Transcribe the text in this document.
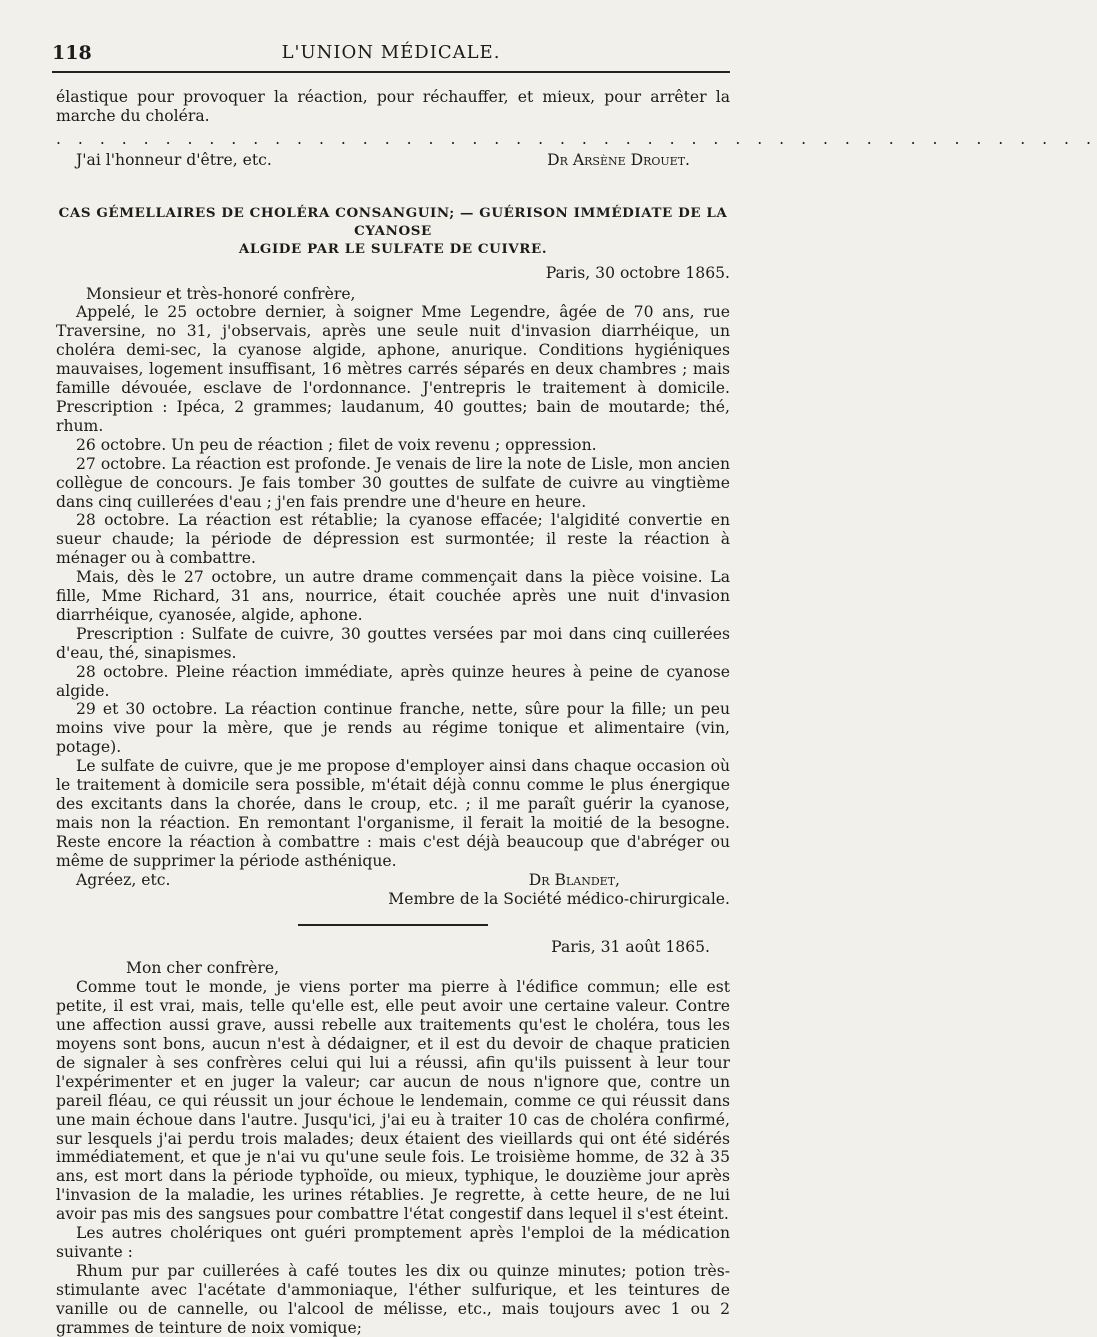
118	L'UNION MÉDICALE.

élastique pour provoquer la réaction, pour réchauffer, et mieux, pour arrêter la marche du choléra.

. . . . . . . . . . . . . . . . . . . . . . . . . . . . . . . . . . . . . . . . . . . . . . . .

J'ai l'honneur d'être, etc.	Dr Arsène Drouet.

CAS GÉMELLAIRES DE CHOLÉRA CONSANGUIN; — GUÉRISON IMMÉDIATE DE LA CYANOSE
ALGIDE PAR LE SULFATE DE CUIVRE.

Paris, 30 octobre 1865.

Monsieur et très-honoré confrère,

Appelé, le 25 octobre dernier, à soigner Mme Legendre, âgée de 70 ans, rue Traversine, no 31, j'observais, après une seule nuit d'invasion diarrhéique, un choléra demi-sec, la cyanose algide, aphone, anurique. Conditions hygiéniques mauvaises, logement insuffisant, 16 mètres carrés séparés en deux chambres ; mais famille dévouée, esclave de l'ordonnance. J'entrepris le traitement à domicile. Prescription : Ipéca, 2 grammes; laudanum, 40 gouttes; bain de moutarde; thé, rhum.

26 octobre. Un peu de réaction ; filet de voix revenu ; oppression.

27 octobre. La réaction est profonde. Je venais de lire la note de Lisle, mon ancien collègue de concours. Je fais tomber 30 gouttes de sulfate de cuivre au vingtième dans cinq cuillerées d'eau ; j'en fais prendre une d'heure en heure.

28 octobre. La réaction est rétablie; la cyanose effacée; l'algidité convertie en sueur chaude; la période de dépression est surmontée; il reste la réaction à ménager ou à combattre.

Mais, dès le 27 octobre, un autre drame commençait dans la pièce voisine. La fille, Mme Richard, 31 ans, nourrice, était couchée après une nuit d'invasion diarrhéique, cyanosée, algide, aphone.

Prescription : Sulfate de cuivre, 30 gouttes versées par moi dans cinq cuillerées d'eau, thé, sinapismes.

28 octobre. Pleine réaction immédiate, après quinze heures à peine de cyanose algide.

29 et 30 octobre. La réaction continue franche, nette, sûre pour la fille; un peu moins vive pour la mère, que je rends au régime tonique et alimentaire (vin, potage).

Le sulfate de cuivre, que je me propose d'employer ainsi dans chaque occasion où le traitement à domicile sera possible, m'était déjà connu comme le plus énergique des excitants dans la chorée, dans le croup, etc. ; il me paraît guérir la cyanose, mais non la réaction. En remontant l'organisme, il ferait la moitié de la besogne. Reste encore la réaction à combattre : mais c'est déjà beaucoup que d'abréger ou même de supprimer la période asthénique.

Agréez, etc.	Dr Blandet,

Membre de la Société médico-chirurgicale.

Paris, 31 août 1865.

Mon cher confrère,

Comme tout le monde, je viens porter ma pierre à l'édifice commun; elle est petite, il est vrai, mais, telle qu'elle est, elle peut avoir une certaine valeur. Contre une affection aussi grave, aussi rebelle aux traitements qu'est le choléra, tous les moyens sont bons, aucun n'est à dédaigner, et il est du devoir de chaque praticien de signaler à ses confrères celui qui lui a réussi, afin qu'ils puissent à leur tour l'expérimenter et en juger la valeur; car aucun de nous n'ignore que, contre un pareil fléau, ce qui réussit un jour échoue le lendemain, comme ce qui réussit dans une main échoue dans l'autre. Jusqu'ici, j'ai eu à traiter 10 cas de choléra confirmé, sur lesquels j'ai perdu trois malades; deux étaient des vieillards qui ont été sidérés immédiatement, et que je n'ai vu qu'une seule fois. Le troisième homme, de 32 à 35 ans, est mort dans la période typhoïde, ou mieux, typhique, le douzième jour après l'invasion de la maladie, les urines rétablies. Je regrette, à cette heure, de ne lui avoir pas mis des sangsues pour combattre l'état congestif dans lequel il s'est éteint.

Les autres cholériques ont guéri promptement après l'emploi de la médication suivante :

Rhum pur par cuillerées à café toutes les dix ou quinze minutes; potion très-stimulante avec l'acétate d'ammoniaque, l'éther sulfurique, et les teintures de vanille ou de cannelle, ou l'alcool de mélisse, etc., mais toujours avec 1 ou 2 grammes de teinture de noix vomique;
